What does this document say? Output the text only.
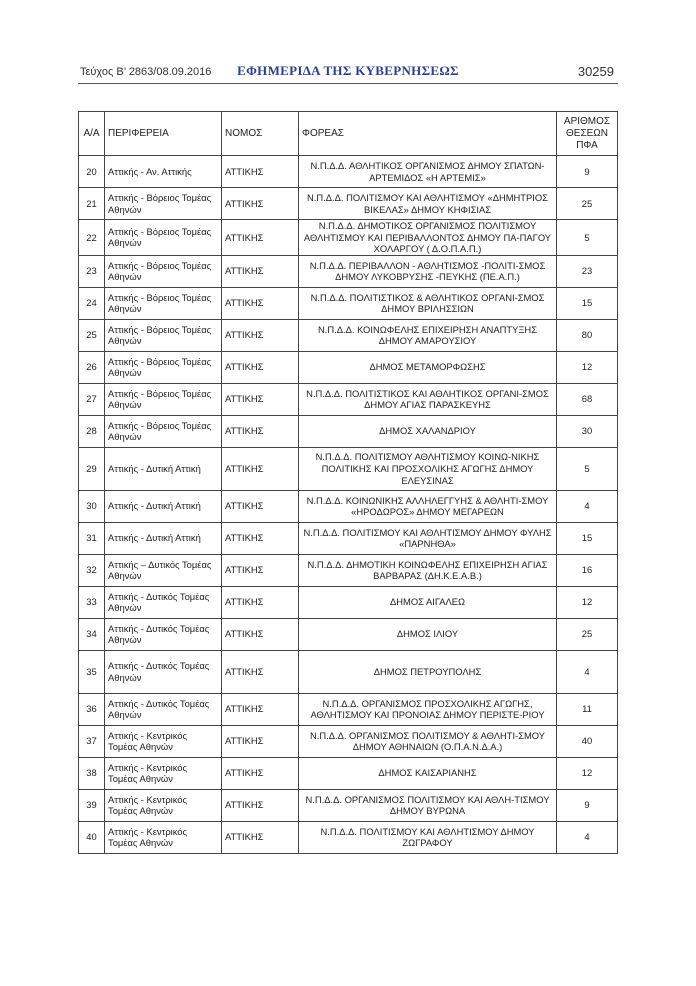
Τεύχος Β’ 2863/08.09.2016	ΕΦΗΜΕΡΙΔΑ ΤΗΣ ΚΥΒΕΡΝΗΣΕΩΣ	30259
Α/Α	ΠΕΡΙΦΕΡΕΙΑ	ΝΟΜΟΣ	ΦΟΡΕΑΣ	ΑΡΙΘΜΟΣ ΘΕΣΕΩΝ ΠΦΑ
20	Αττικής - Αν. Αττικής	ΑΤΤΙΚΗΣ	Ν.Π.Δ.Δ. ΑΘΛΗΤΙΚΟΣ ΟΡΓΑΝΙΣΜΟΣ ΔΗΜΟΥ ΣΠΑΤΩΝ-ΑΡΤΕΜΙΔΟΣ «Η ΑΡΤΕΜΙΣ»	9
21	Αττικής - Βόρειος Τομέας Αθηνών	ΑΤΤΙΚΗΣ	Ν.Π.Δ.Δ. ΠΟΛΙΤΙΣΜΟΥ ΚΑΙ ΑΘΛΗΤΙΣΜΟΥ «ΔΗΜΗΤΡΙΟΣ ΒΙΚΕΛΑΣ» ΔΗΜΟΥ ΚΗΦΙΣΙΑΣ	25
22	Αττικής - Βόρειος Τομέας Αθηνών	ΑΤΤΙΚΗΣ	Ν.Π.Δ.Δ. ΔΗΜΟΤΙΚΟΣ ΟΡΓΑΝΙΣΜΟΣ ΠΟΛΙΤΙΣΜΟΥ ΑΘΛΗΤΙΣΜΟΥ ΚΑΙ ΠΕΡΙΒΑΛΛΟΝΤΟΣ ΔΗΜΟΥ ΠΑ-ΠΑΓΟΥ ΧΟΛΑΡΓΟΥ ( Δ.Ο.Π.Α.Π.)	5
23	Αττικής - Βόρειος Τομέας Αθηνών	ΑΤΤΙΚΗΣ	Ν.Π.Δ.Δ. ΠΕΡΙΒΑΛΛΟΝ - ΑΘΛΗΤΙΣΜΟΣ -ΠΟΛΙΤΙ-ΣΜΟΣ ΔΗΜΟΥ ΛΥΚΟΒΡΥΣΗΣ -ΠΕΥΚΗΣ (ΠΕ.Α.Π.)	23
24	Αττικής - Βόρειος Τομέας Αθηνών	ΑΤΤΙΚΗΣ	Ν.Π.Δ.Δ. ΠΟΛΙΤΙΣΤΙΚΟΣ & ΑΘΛΗΤΙΚΟΣ ΟΡΓΑΝΙ-ΣΜΟΣ ΔΗΜΟΥ ΒΡΙΛΗΣΣΙΩΝ	15
25	Αττικής - Βόρειος Τομέας Αθηνών	ΑΤΤΙΚΗΣ	Ν.Π.Δ.Δ. ΚΟΙΝΩΦΕΛΗΣ ΕΠΙΧΕΙΡΗΣΗ ΑΝΑΠΤΥΞΗΣ ΔΗΜΟΥ ΑΜΑΡΟΥΣΙΟΥ	80
26	Αττικής - Βόρειος Τομέας Αθηνών	ΑΤΤΙΚΗΣ	ΔΗΜΟΣ ΜΕΤΑΜΟΡΦΩΣΗΣ	12
27	Αττικής - Βόρειος Τομέας Αθηνών	ΑΤΤΙΚΗΣ	Ν.Π.Δ.Δ. ΠΟΛΙΤΙΣΤΙΚΟΣ ΚΑΙ ΑΘΛΗΤΙΚΟΣ ΟΡΓΑΝΙ-ΣΜΟΣ ΔΗΜΟΥ ΑΓΙΑΣ ΠΑΡΑΣΚΕΥΗΣ	68
28	Αττικής - Βόρειος Τομέας Αθηνών	ΑΤΤΙΚΗΣ	ΔΗΜΟΣ ΧΑΛΑΝΔΡΙΟΥ	30
29	Αττικής - Δυτική Αττική	ΑΤΤΙΚΗΣ	Ν.Π.Δ.Δ. ΠΟΛΙΤΙΣΜΟΥ ΑΘΛΗΤΙΣΜΟΥ ΚΟΙΝΩ-ΝΙΚΗΣ ΠΟΛΙΤΙΚΗΣ ΚΑΙ ΠΡΟΣΧΟΛΙΚΗΣ ΑΓΩΓΗΣ ΔΗΜΟΥ ΕΛΕΥΣΙΝΑΣ	5
30	Αττικής - Δυτική Αττική	ΑΤΤΙΚΗΣ	Ν.Π.Δ.Δ. ΚΟΙΝΩΝΙΚΗΣ ΑΛΛΗΛΕΓΓΥΗΣ & ΑΘΛΗΤΙ-ΣΜΟΥ «ΗΡΟΔΩΡΟΣ» ΔΗΜΟΥ ΜΕΓΑΡΕΩΝ	4
31	Αττικής - Δυτική Αττική	ΑΤΤΙΚΗΣ	Ν.Π.Δ.Δ. ΠΟΛΙΤΙΣΜΟΥ ΚΑΙ ΑΘΛΗΤΙΣΜΟΥ ΔΗΜΟΥ ΦΥΛΗΣ «ΠΑΡΝΗΘΑ»	15
32	Αττικής – Δυτικός Τομέας Αθηνών	ΑΤΤΙΚΗΣ	Ν.Π.Δ.Δ. ΔΗΜΟΤΙΚΗ ΚΟΙΝΩΦΕΛΗΣ ΕΠΙΧΕΙΡΗΣΗ ΑΓΙΑΣ ΒΑΡΒΑΡΑΣ (ΔΗ.Κ.Ε.Α.Β.)	16
33	Αττικής - Δυτικός Τομέας Αθηνών	ΑΤΤΙΚΗΣ	ΔΗΜΟΣ ΑΙΓΑΛΕΩ	12
34	Αττικής - Δυτικός Τομέας Αθηνών	ΑΤΤΙΚΗΣ	ΔΗΜΟΣ ΙΛΙΟΥ	25
35	Αττικής - Δυτικός Τομέας Αθηνών	ΑΤΤΙΚΗΣ	ΔΗΜΟΣ ΠΕΤΡΟΥΠΟΛΗΣ	4
36	Αττικής - Δυτικός Τομέας Αθηνών	ΑΤΤΙΚΗΣ	Ν.Π.Δ.Δ. ΟΡΓΑΝΙΣΜΟΣ ΠΡΟΣΧΟΛΙΚΗΣ ΑΓΩΓΗΣ, ΑΘΛΗΤΙΣΜΟΥ ΚΑΙ ΠΡΟΝΟΙΑΣ ΔΗΜΟΥ ΠΕΡΙΣΤΕ-ΡΙΟΥ	11
37	Αττικής - Κεντρικός Τομέας Αθηνών	ΑΤΤΙΚΗΣ	Ν.Π.Δ.Δ. ΟΡΓΑΝΙΣΜΟΣ ΠΟΛΙΤΙΣΜΟΥ & ΑΘΛΗΤΙ-ΣΜΟΥ ΔΗΜΟΥ ΑΘΗΝΑΙΩΝ (Ο.Π.Α.Ν.Δ.Α.)	40
38	Αττικής - Κεντρικός Τομέας Αθηνών	ΑΤΤΙΚΗΣ	ΔΗΜΟΣ ΚΑΙΣΑΡΙΑΝΗΣ	12
39	Αττικής - Κεντρικός Τομέας Αθηνών	ΑΤΤΙΚΗΣ	Ν.Π.Δ.Δ. ΟΡΓΑΝΙΣΜΟΣ ΠΟΛΙΤΙΣΜΟΥ ΚΑΙ ΑΘΛΗ-ΤΙΣΜΟΥ ΔΗΜΟΥ ΒΥΡΩΝΑ	9
40	Αττικής - Κεντρικός Τομέας Αθηνών	ΑΤΤΙΚΗΣ	Ν.Π.Δ.Δ. ΠΟΛΙΤΙΣΜΟΥ ΚΑΙ ΑΘΛΗΤΙΣΜΟΥ ΔΗΜΟΥ ΖΩΓΡΑΦΟΥ	4
